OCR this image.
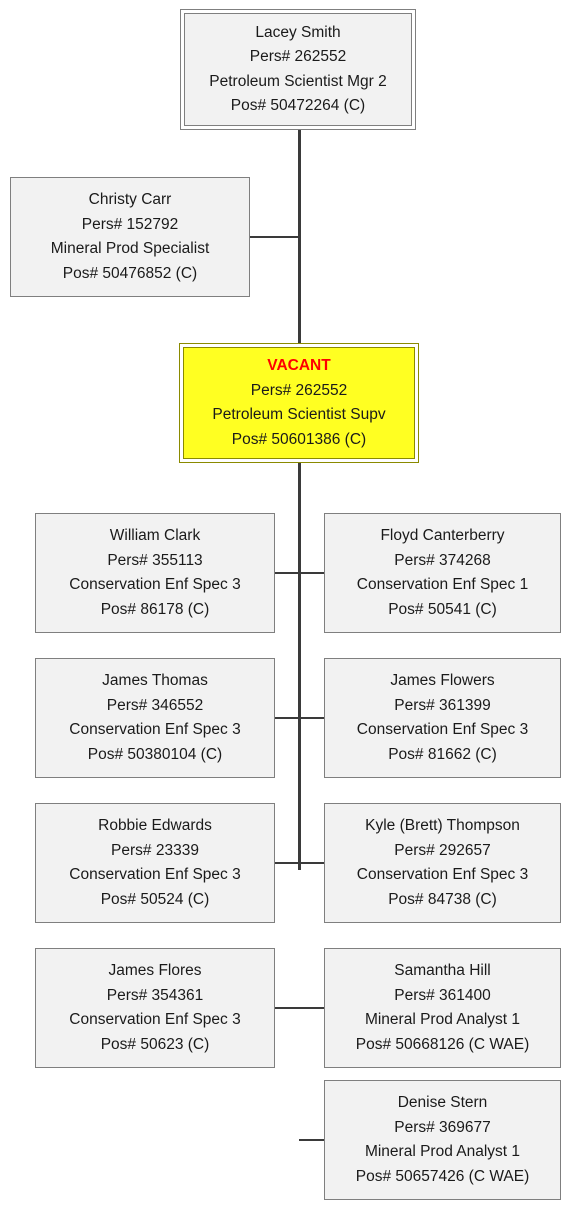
Lacey Smith
Pers# 262552
Petroleum Scientist Mgr 2
Pos# 50472264 (C)
Christy Carr
Pers# 152792
Mineral Prod Specialist
Pos# 50476852 (C)
VACANT
Pers# 262552
Petroleum Scientist Supv
Pos# 50601386 (C)
William Clark
Pers# 355113
Conservation Enf Spec 3
Pos# 86178 (C)
James Thomas
Pers# 346552
Conservation Enf Spec 3
Pos# 50380104 (C)
Robbie Edwards
Pers# 23339
Conservation Enf Spec 3
Pos# 50524 (C)
James Flores
Pers# 354361
Conservation Enf Spec 3
Pos# 50623 (C)
Floyd Canterberry
Pers# 374268
Conservation Enf Spec 1
Pos# 50541 (C)
James Flowers
Pers# 361399
Conservation Enf Spec 3
Pos# 81662 (C)
Kyle (Brett) Thompson
Pers# 292657
Conservation Enf Spec 3
Pos# 84738 (C)
Samantha Hill
Pers# 361400
Mineral Prod Analyst 1
Pos# 50668126 (C WAE)
Denise Stern
Pers# 369677
Mineral Prod Analyst 1
Pos# 50657426 (C WAE)
